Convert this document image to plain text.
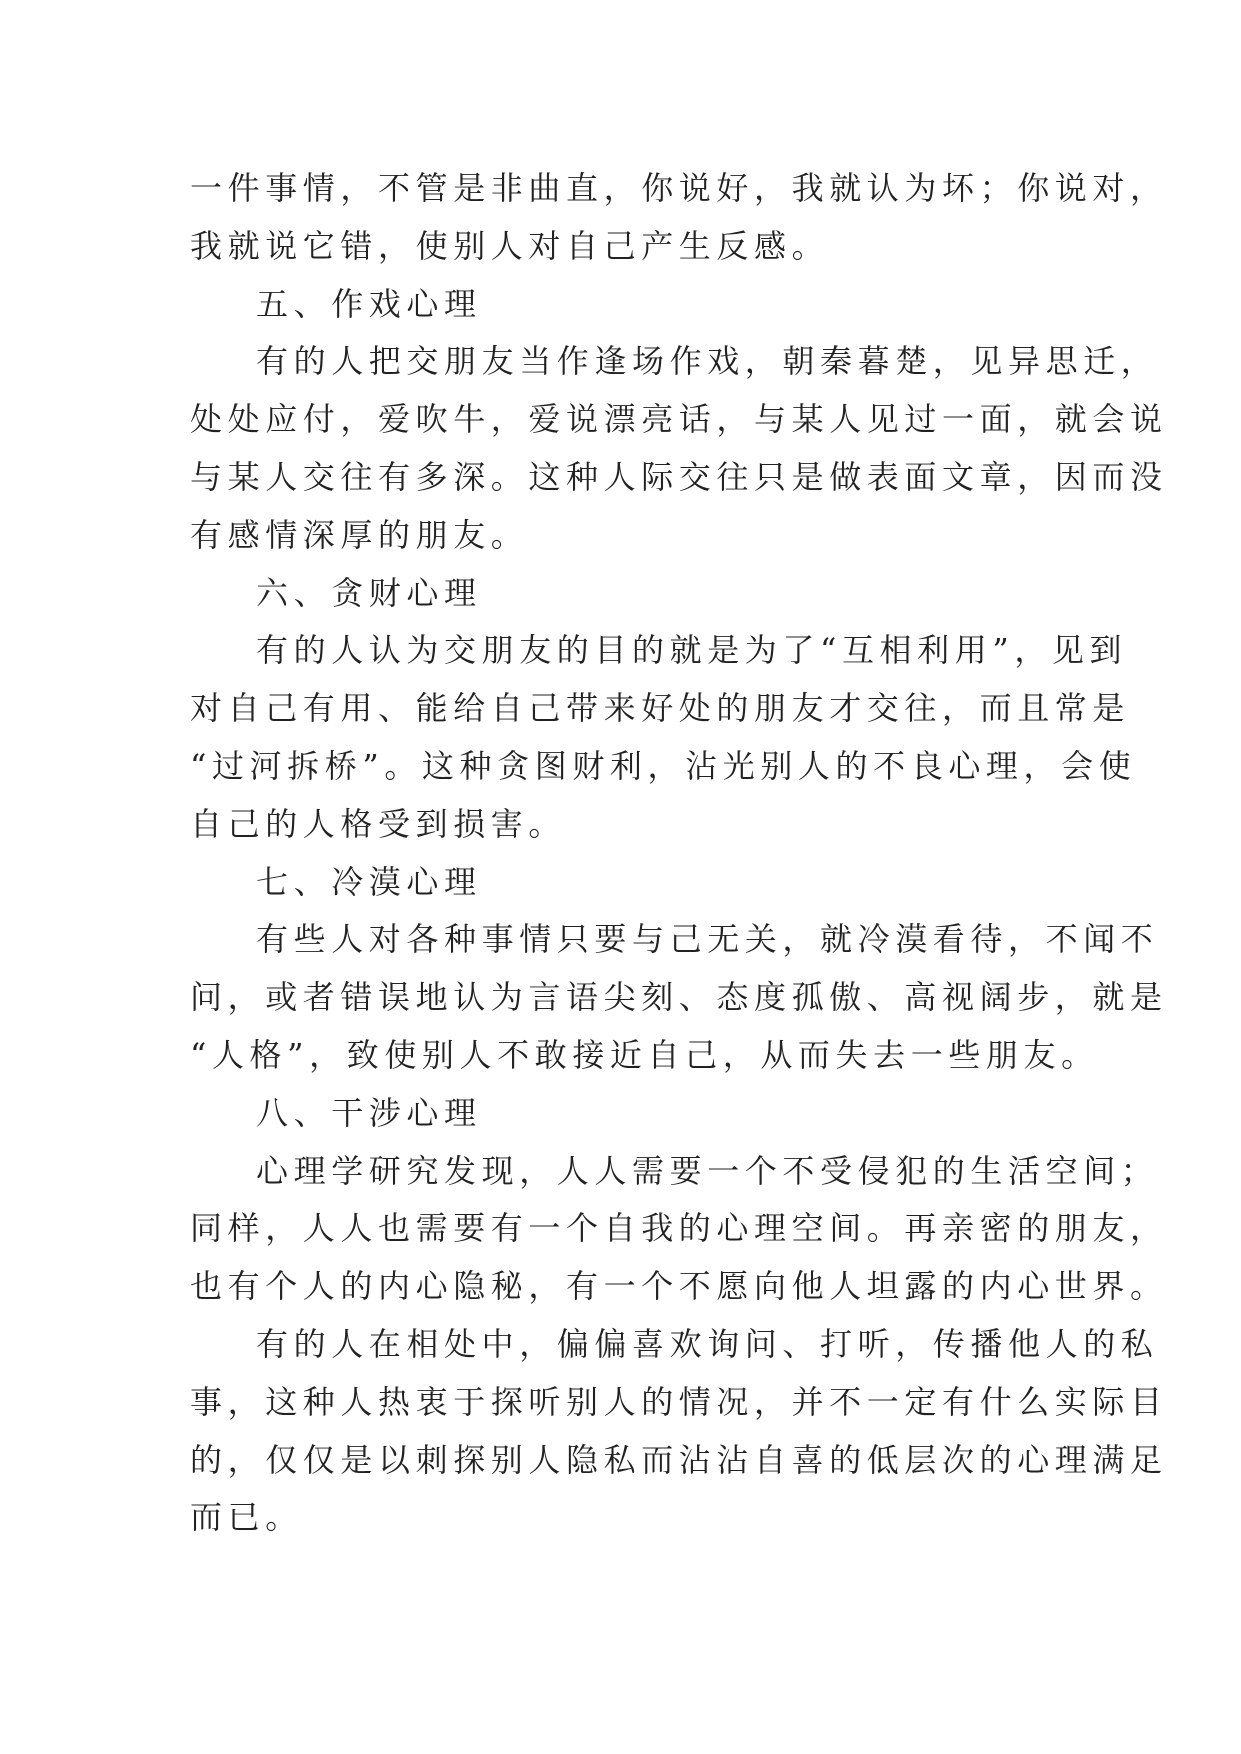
一件事情，不管是非曲直，你说好，我就认为坏；你说对，
我就说它错，使别人对自己产生反感。
五、作戏心理
有的人把交朋友当作逢场作戏，朝秦暮楚，见异思迁，
处处应付，爱吹牛，爱说漂亮话，与某人见过一面，就会说
与某人交往有多深。这种人际交往只是做表面文章，因而没
有感情深厚的朋友。
六、贪财心理
有的人认为交朋友的目的就是为了“互相利用”，见到
对自己有用、能给自己带来好处的朋友才交往，而且常是
“过河拆桥”。这种贪图财利，沾光别人的不良心理，会使
自己的人格受到损害。
七、冷漠心理
有些人对各种事情只要与己无关，就冷漠看待，不闻不
问，或者错误地认为言语尖刻、态度孤傲、高视阔步，就是
“人格”，致使别人不敢接近自己，从而失去一些朋友。
八、干涉心理
心理学研究发现，人人需要一个不受侵犯的生活空间；
同样，人人也需要有一个自我的心理空间。再亲密的朋友，
也有个人的内心隐秘，有一个不愿向他人坦露的内心世界。
有的人在相处中，偏偏喜欢询问、打听，传播他人的私
事，这种人热衷于探听别人的情况，并不一定有什么实际目
的，仅仅是以刺探别人隐私而沾沾自喜的低层次的心理满足
而已。
